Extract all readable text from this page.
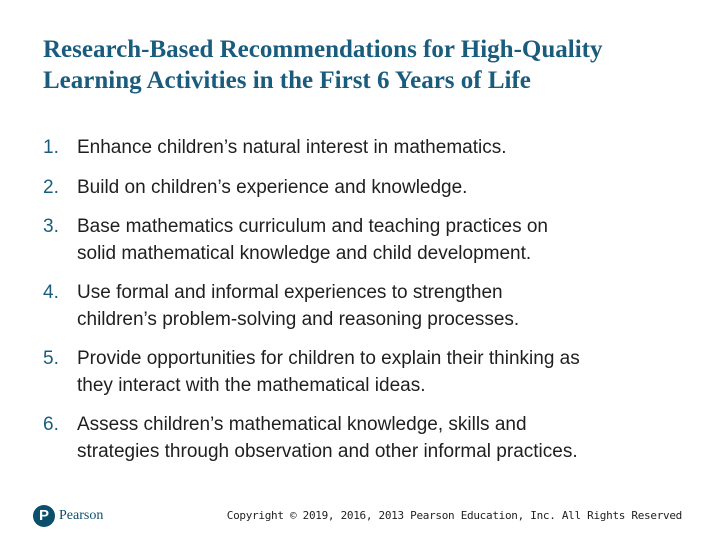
Research-Based Recommendations for High-Quality
Learning Activities in the First 6 Years of Life
1. Enhance children’s natural interest in mathematics.
2. Build on children’s experience and knowledge.
3. Base mathematics curriculum and teaching practices on
solid mathematical knowledge and child development.
4. Use formal and informal experiences to strengthen
children’s problem-solving and reasoning processes.
5. Provide opportunities for children to explain their thinking as
they interact with the mathematical ideas.
6. Assess children’s mathematical knowledge, skills and
strategies through observation and other informal practices.
P Pearson	Copyright © 2019, 2016, 2013 Pearson Education, Inc. All Rights Reserved
